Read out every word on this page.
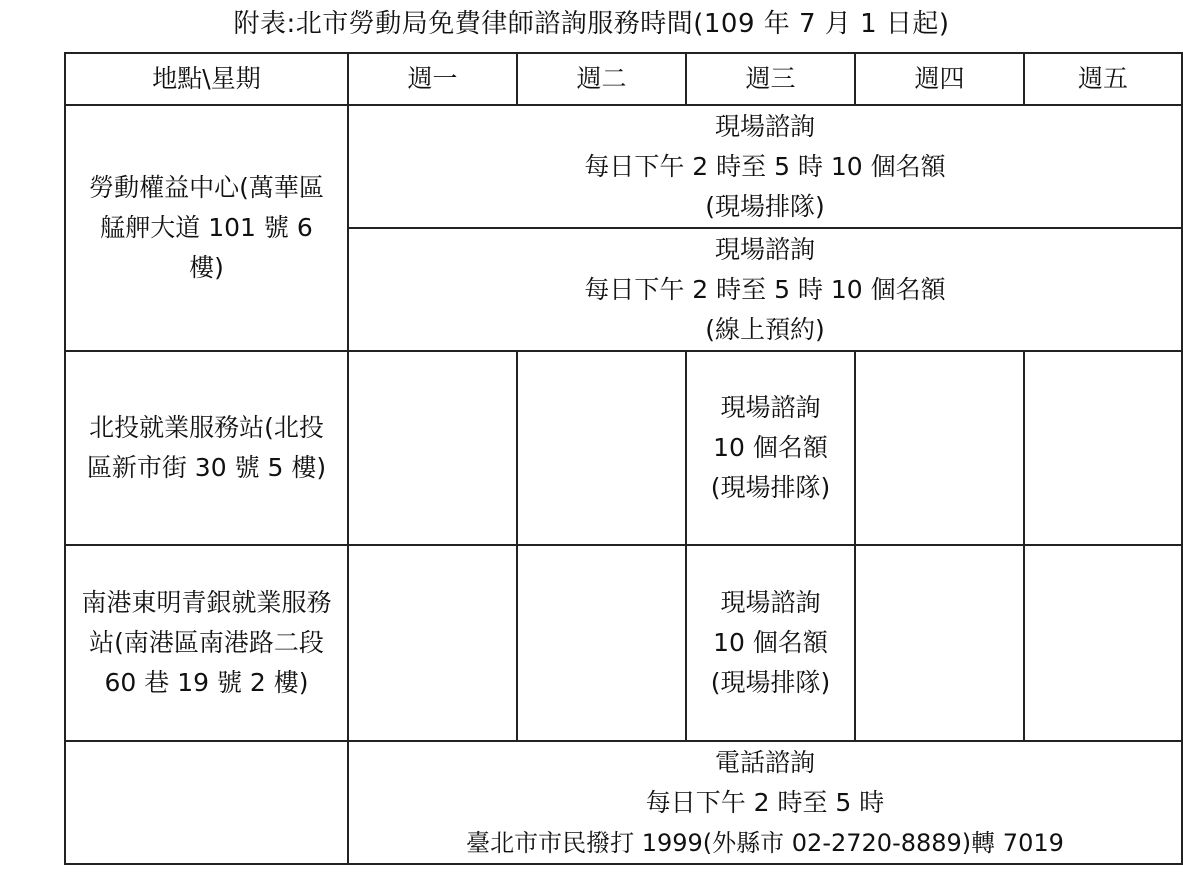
附表:北市勞動局免費律師諮詢服務時間(109 年 7 月 1 日起)
地點\星期	週一	週二	週三	週四	週五
勞動權益中心(萬華區艋舺大道 101 號 6 樓)	現場諮詢
每日下午 2 時至 5 時 10 個名額
(現場排隊)				

	現場諮詢
每日下午 2 時至 5 時 10 個名額
(線上預約)				

北投就業服務站(北投區新市街 30 號 5 樓)			現場諮詢
10 個名額
(現場排隊)		

南港東明青銀就業服務站(南港區南港路二段 60 巷 19 號 2 樓)			現場諮詢
10 個名額
(現場排隊)		

	電話諮詢
每日下午 2 時至 5 時
臺北市市民撥打 1999(外縣市 02-2720-8889)轉 7019				
